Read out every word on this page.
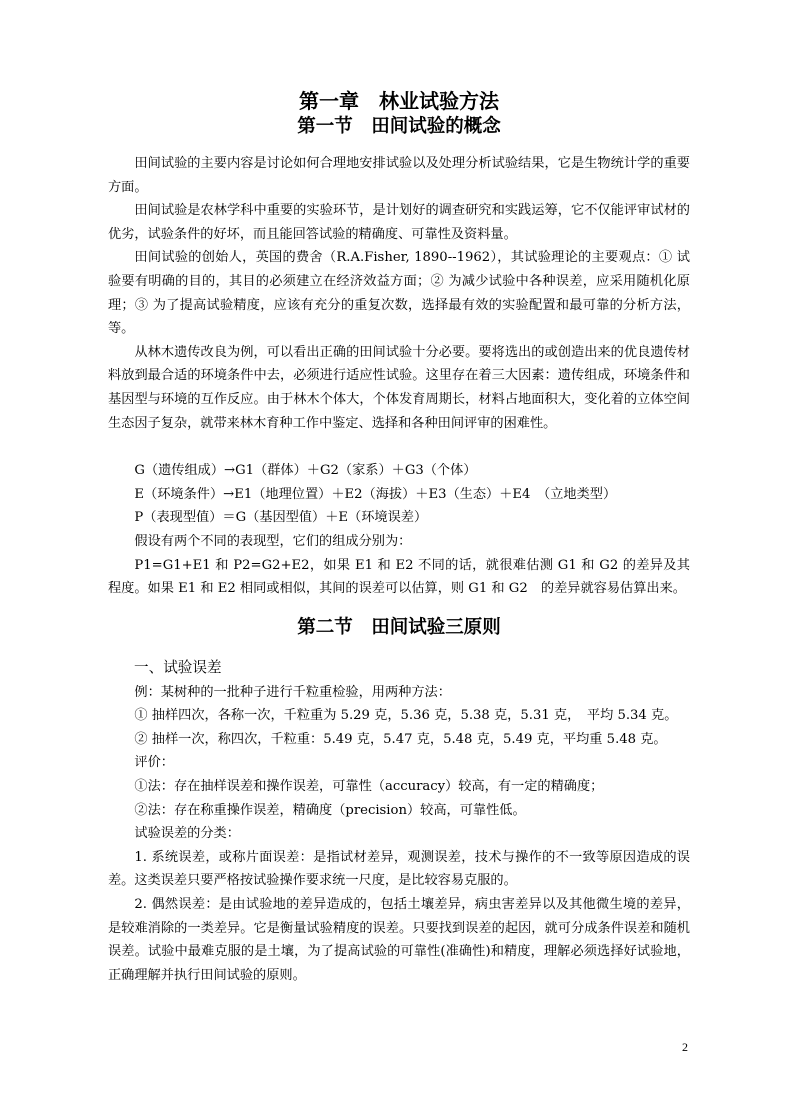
第一章　林业试验方法
第一节　田间试验的概念

田间试验的主要内容是讨论如何合理地安排试验以及处理分析试验结果，它是生物统计学的重要方面。

田间试验是农林学科中重要的实验环节，是计划好的调查研究和实践运筹，它不仅能评审试材的优劣，试验条件的好坏，而且能回答试验的精确度、可靠性及资料量。

田间试验的创始人，英国的费舍（R.A.Fisher, 1890--1962），其试验理论的主要观点：① 试验要有明确的目的，其目的必须建立在经济效益方面；② 为减少试验中各种误差，应采用随机化原理；③ 为了提高试验精度，应该有充分的重复次数，选择最有效的实验配置和最可靠的分析方法，等。

从林木遗传改良为例，可以看出正确的田间试验十分必要。要将选出的或创造出来的优良遗传材料放到最合适的环境条件中去，必须进行适应性试验。这里存在着三大因素：遗传组成，环境条件和基因型与环境的互作反应。由于林木个体大，个体发育周期长，材料占地面积大，变化着的立体空间生态因子复杂，就带来林木育种工作中鉴定、选择和各种田间评审的困难性。

G（遗传组成）→G1（群体）＋G2（家系）＋G3（个体）

E（环境条件）→E1（地理位置）＋E2（海拔）＋E3（生态）＋E4　（立地类型）

P（表现型值）＝G（基因型值）＋E（环境误差）

假设有两个不同的表现型，它们的组成分别为：

P1=G1+E1 和 P2=G2+E2，如果 E1 和 E2 不同的话，就很难估测 G1 和 G2 的差异及其程度。如果 E1 和 E2 相同或相似，其间的误差可以估算，则 G1 和 G2　的差异就容易估算出来。

第二节　田间试验三原则
一、试验误差

例：某树种的一批种子进行千粒重检验，用两种方法：

① 抽样四次，各称一次，千粒重为 5.29 克，5.36 克，5.38 克，5.31 克，　平均 5.34 克。

② 抽样一次，称四次，千粒重：5.49 克，5.47 克，5.48 克，5.49 克，平均重 5.48 克。

评价：

①法：存在抽样误差和操作误差，可靠性（accuracy）较高，有一定的精确度；

②法：存在称重操作误差，精确度（precision）较高，可靠性低。

试验误差的分类：

1. 系统误差，或称片面误差：是指试材差异，观测误差，技术与操作的不一致等原因造成的误差。这类误差只要严格按试验操作要求统一尺度，是比较容易克服的。

2. 偶然误差：是由试验地的差异造成的，包括土壤差异，病虫害差异以及其他微生境的差异，是较难消除的一类差异。它是衡量试验精度的误差。只要找到误差的起因，就可分成条件误差和随机误差。试验中最难克服的是土壤，为了提高试验的可靠性(准确性)和精度，理解必须选择好试验地，正确理解并执行田间试验的原则。

2
